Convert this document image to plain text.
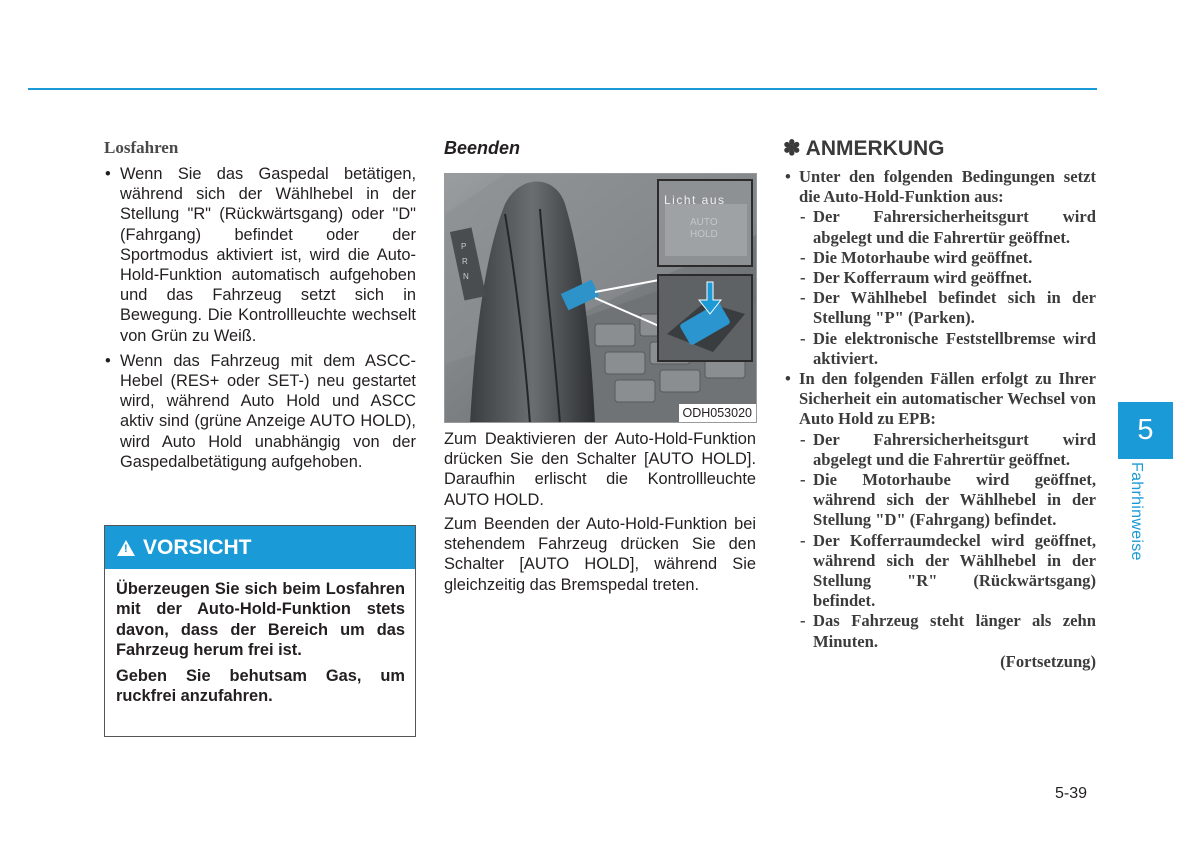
Losfahren
• Wenn Sie das Gaspedal betätigen, während sich der Wählhebel in der Stellung "R" (Rückwärtsgang) oder "D" (Fahrgang) befindet oder der Sportmodus aktiviert ist, wird die Auto-Hold-Funktion automatisch aufgehoben und das Fahrzeug setzt sich in Bewegung. Die Kontrollleuchte wechselt von Grün zu Weiß.
• Wenn das Fahrzeug mit dem ASCC-Hebel (RES+ oder SET-) neu gestartet wird, während Auto Hold und ASCC aktiv sind (grüne Anzeige AUTO HOLD), wird Auto Hold unabhängig von der Gaspedalbetätigung aufgehoben.
! VORSICHT

Überzeugen Sie sich beim Losfahren mit der Auto-Hold-Funktion stets davon, dass der Bereich um das Fahrzeug herum frei ist.

Geben Sie behutsam Gas, um ruckfrei anzufahren.

Beenden
P
R
N
Licht aus
AUTO
HOLD
ODH053020

Zum Deaktivieren der Auto-Hold-Funktion drücken Sie den Schalter [AUTO HOLD]. Daraufhin erlischt die Kontrollleuchte AUTO HOLD.

Zum Beenden der Auto-Hold-Funktion bei stehendem Fahrzeug drücken Sie den Schalter [AUTO HOLD], während Sie gleichzeitig das Bremspedal treten.

✽ ANMERKUNG
• Unter den folgenden Bedingungen setzt die Auto-Hold-Funktion aus:
- Der Fahrersicherheitsgurt wird abgelegt und die Fahrertür geöffnet.
- Die Motorhaube wird geöffnet.
- Der Kofferraum wird geöffnet.
- Der Wählhebel befindet sich in der Stellung "P" (Parken).
- Die elektronische Feststellbremse wird aktiviert.
• In den folgenden Fällen erfolgt zu Ihrer Sicherheit ein automatischer Wechsel von Auto Hold zu EPB:
- Der Fahrersicherheitsgurt wird abgelegt und die Fahrertür geöffnet.
- Die Motorhaube wird geöffnet, während sich der Wählhebel in der Stellung "D" (Fahrgang) befindet.
- Der Kofferraumdeckel wird geöffnet, während sich der Wählhebel in der Stellung "R" (Rückwärtsgang) befindet.
- Das Fahrzeug steht länger als zehn Minuten.
(Fortsetzung)
5
Fahrhinweise
5-39
